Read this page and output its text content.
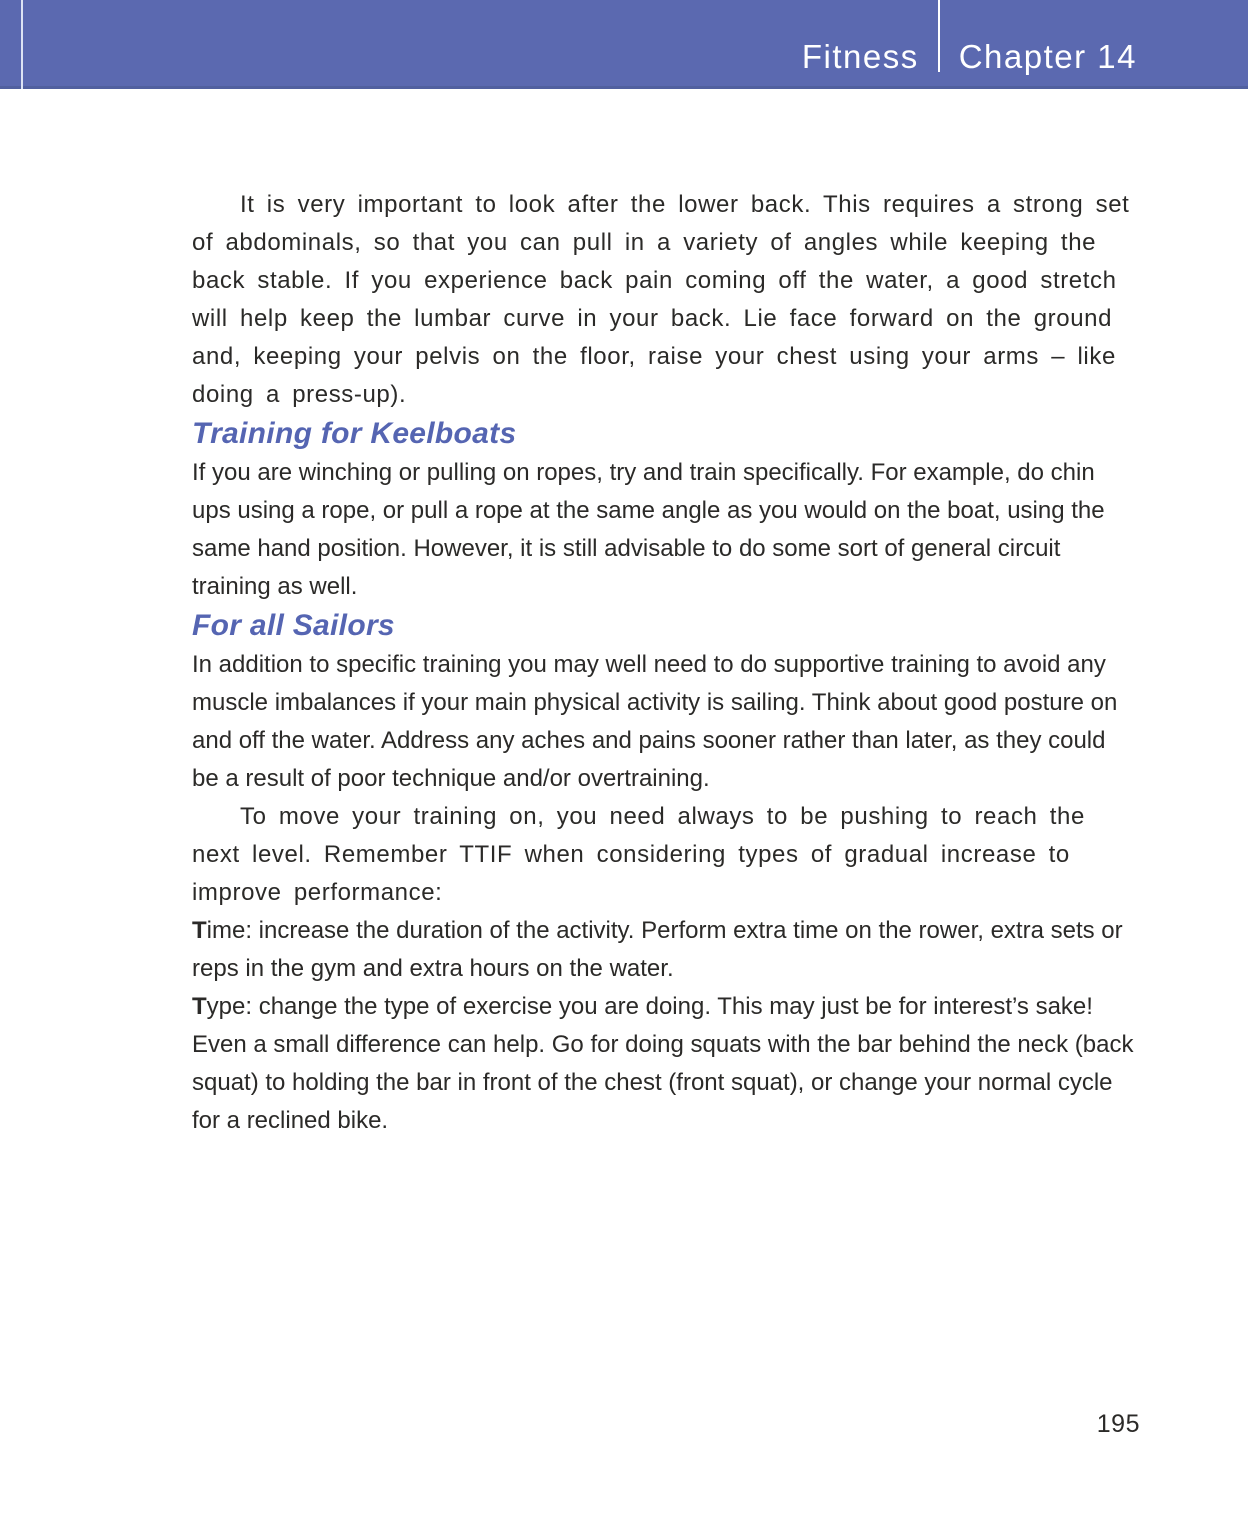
Fitness Chapter 14

It is very important to look after the lower back. This requires a strong set of abdominals, so that you can pull in a variety of angles while keeping the back stable. If you experience back pain coming off the water, a good stretch will help keep the lumbar curve in your back. Lie face forward on the ground and, keeping your pelvis on the floor, raise your chest using your arms – like doing a press-up).

Training for Keelboats

If you are winching or pulling on ropes, try and train specifically. For example, do chin ups using a rope, or pull a rope at the same angle as you would on the boat, using the same hand position. However, it is still advisable to do some sort of general circuit training as well.

For all Sailors

In addition to specific training you may well need to do supportive training to avoid any muscle imbalances if your main physical activity is sailing. Think about good posture on and off the water. Address any aches and pains sooner rather than later, as they could be a result of poor technique and/or overtraining.

To move your training on, you need always to be pushing to reach the next level. Remember TTIF when considering types of gradual increase to improve performance:

Time: increase the duration of the activity. Perform extra time on the rower, extra sets or reps in the gym and extra hours on the water.

Type: change the type of exercise you are doing. This may just be for interest’s sake! Even a small difference can help. Go for doing squats with the bar behind the neck (back squat) to holding the bar in front of the chest (front squat), or change your normal cycle for a reclined bike.

195
